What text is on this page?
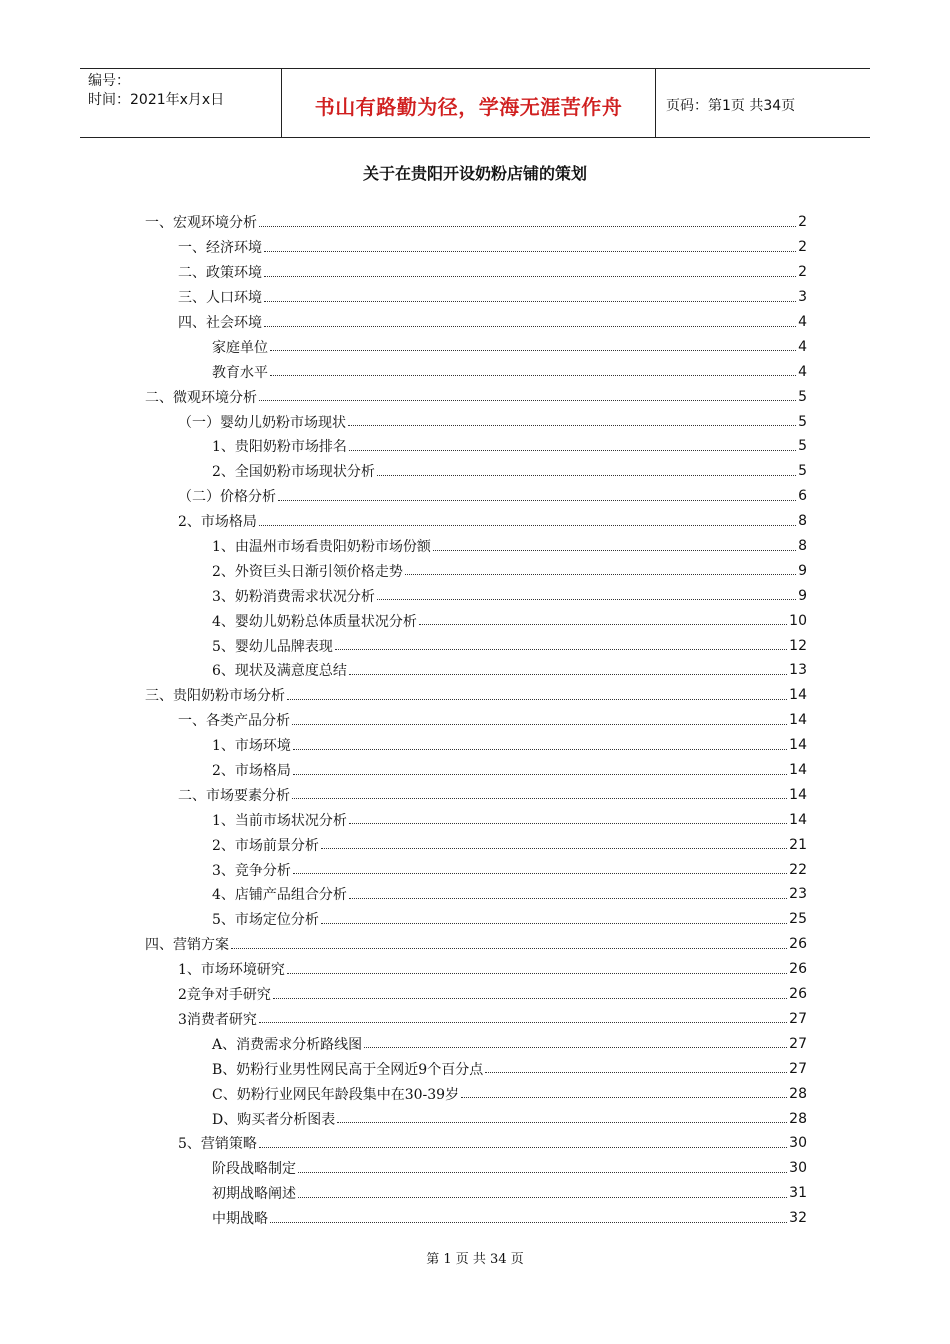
编号：
时间：2021年x月x日	书山有路勤为径，学海无涯苦作舟	页码：第1页 共34页
关于在贵阳开设奶粉店铺的策划
一、宏观环境分析	2
一、经济环境	2
二、政策环境	2
三、人口环境	3
四、社会环境	4
家庭单位	4
教育水平	4
二、微观环境分析	5
（一）婴幼儿奶粉市场现状	5
1、贵阳奶粉市场排名	5
2、全国奶粉市场现状分析	5
（二）价格分析	6
2、市场格局	8
1、由温州市场看贵阳奶粉市场份额	8
2、外资巨头日渐引领价格走势	9
3、奶粉消费需求状况分析	9
4、婴幼儿奶粉总体质量状况分析	10
5、婴幼儿品牌表现	12
6、现状及满意度总结	13
三、贵阳奶粉市场分析	14
一、各类产品分析	14
1、市场环境	14
2、市场格局	14
二、市场要素分析	14
1、当前市场状况分析	14
2、市场前景分析	21
3、竞争分析	22
4、店铺产品组合分析	23
5、市场定位分析	25
四、营销方案	26
1、市场环境研究	26
2竞争对手研究	26
3消费者研究	27
A、消费需求分析路线图	27
B、奶粉行业男性网民高于全网近9个百分点	27
C、奶粉行业网民年龄段集中在30-39岁	28
D、购买者分析图表	28
5、营销策略	30
阶段战略制定	30
初期战略阐述	31
中期战略	32
第 1 页 共 34 页
